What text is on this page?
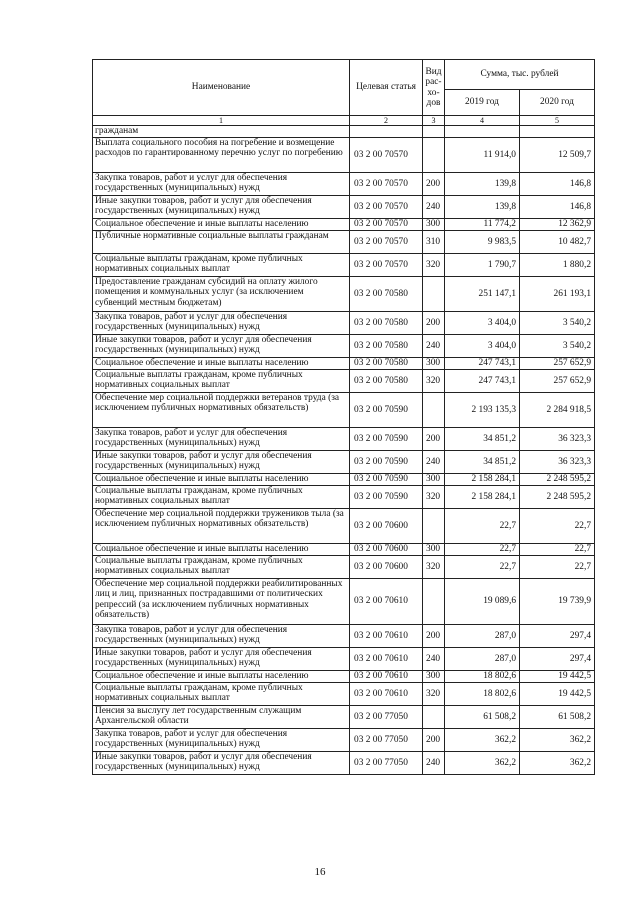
Наименование	Целевая статья	Вид рас- хо- дов	Сумма, тыс. рублей	
			2019 год	2020 год
1	2	3	4	5
гражданам				
Выплата социального пособия на погребение и возмещение расходов по гарантированному перечню услуг по погребению	03 2 00 70570		11 914,0	12 509,7
Закупка товаров, работ и услуг для обеспечения государственных (муниципальных) нужд	03 2 00 70570	200	139,8	146,8
Иные закупки товаров, работ и услуг для обеспечения государственных (муниципальных) нужд	03 2 00 70570	240	139,8	146,8
Социальное обеспечение и иные выплаты населению	03 2 00 70570	300	11 774,2	12 362,9
Публичные нормативные социальные выплаты гражданам	03 2 00 70570	310	9 983,5	10 482,7
Социальные выплаты гражданам, кроме публичных нормативных социальных выплат	03 2 00 70570	320	1 790,7	1 880,2
Предоставление гражданам субсидий на оплату жилого помещения и коммунальных услуг (за исключением субвенций местным бюджетам)	03 2 00 70580		251 147,1	261 193,1
Закупка товаров, работ и услуг для обеспечения государственных (муниципальных) нужд	03 2 00 70580	200	3 404,0	3 540,2
Иные закупки товаров, работ и услуг для обеспечения государственных (муниципальных) нужд	03 2 00 70580	240	3 404,0	3 540,2
Социальное обеспечение и иные выплаты населению	03 2 00 70580	300	247 743,1	257 652,9
Социальные выплаты гражданам, кроме публичных нормативных социальных выплат	03 2 00 70580	320	247 743,1	257 652,9
Обеспечение мер социальной поддержки ветеранов труда (за исключением публичных нормативных обязательств)	03 2 00 70590		2 193 135,3	2 284 918,5
Закупка товаров, работ и услуг для обеспечения государственных (муниципальных) нужд	03 2 00 70590	200	34 851,2	36 323,3
Иные закупки товаров, работ и услуг для обеспечения государственных (муниципальных) нужд	03 2 00 70590	240	34 851,2	36 323,3
Социальное обеспечение и иные выплаты населению	03 2 00 70590	300	2 158 284,1	2 248 595,2
Социальные выплаты гражданам, кроме публичных нормативных социальных выплат	03 2 00 70590	320	2 158 284,1	2 248 595,2
Обеспечение мер социальной поддержки тружеников тыла (за исключением публичных нормативных обязательств)	03 2 00 70600		22,7	22,7
Социальное обеспечение и иные выплаты населению	03 2 00 70600	300	22,7	22,7
Социальные выплаты гражданам, кроме публичных нормативных социальных выплат	03 2 00 70600	320	22,7	22,7
Обеспечение мер социальной поддержки реабилитированных лиц и лиц, признанных пострадавшими от политических репрессий (за исключением публичных нормативных обязательств)	03 2 00 70610		19 089,6	19 739,9
Закупка товаров, работ и услуг для обеспечения государственных (муниципальных) нужд	03 2 00 70610	200	287,0	297,4
Иные закупки товаров, работ и услуг для обеспечения государственных (муниципальных) нужд	03 2 00 70610	240	287,0	297,4
Социальное обеспечение и иные выплаты населению	03 2 00 70610	300	18 802,6	19 442,5
Социальные выплаты гражданам, кроме публичных нормативных социальных выплат	03 2 00 70610	320	18 802,6	19 442,5
Пенсия за выслугу лет государственным служащим Архангельской области	03 2 00 77050		61 508,2	61 508,2
Закупка товаров, работ и услуг для обеспечения государственных (муниципальных) нужд	03 2 00 77050	200	362,2	362,2
Иные закупки товаров, работ и услуг для обеспечения государственных (муниципальных) нужд	03 2 00 77050	240	362,2	362,2
16
